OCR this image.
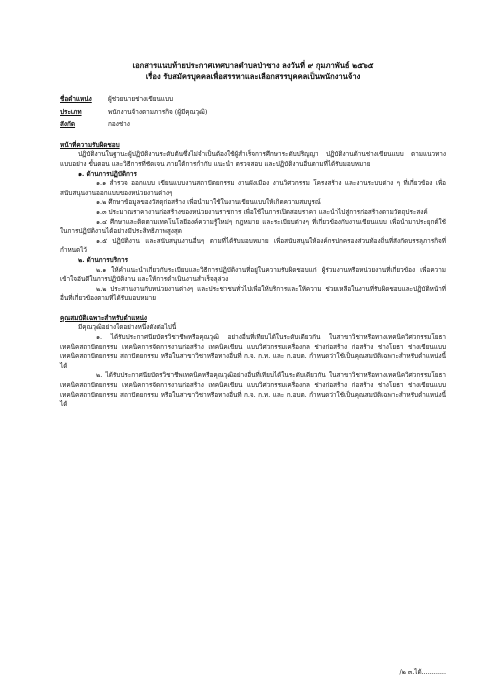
เอกสารแนบท้ายประกาศเทศบาลตำบลป่าซาง ลงวันที่ ๙ กุมภาพันธ์ ๒๕๖๕
เรื่อง รับสมัครบุคคลเพื่อสรรหาและเลือกสรรบุคคลเป็นพนักงานจ้าง
ชื่อตำแหน่ง	ผู้ช่วยนายช่างเขียนแบบ
ประเภท	พนักงานจ้างตามภารกิจ (ผู้มีคุณวุฒิ)
สังกัด	กองช่าง
หน้าที่ความรับผิดชอบ

ปฏิบัติงานในฐานะผู้ปฏิบัติงานระดับต้นซึ่งไม่จำเป็นต้องใช้ผู้สำเร็จการศึกษาระดับปริญญา ปฏิบัติงานด้านช่างเขียนแบบ ตามแนวทาง แบบอย่าง ขั้นตอน และวิธีการที่ชัดเจน ภายใต้การกำกับ แนะนำ ตรวจสอบ และปฏิบัติงานอื่นตามที่ได้รับมอบหมาย

๑. ด้านการปฏิบัติการ

๑.๑ สำรวจ ออกแบบ เขียนแบบงานสถาปัตยกรรม งานผังเมือง งานวิศวกรรม โครงสร้าง และงานระบบต่าง ๆ ที่เกี่ยวข้อง เพื่อสนับสนุนงานออกแบบของหน่วยงานต่างๆ

๑.๒ ศึกษาข้อมูลของวัสดุก่อสร้าง เพื่อนำมาใช้ในงานเขียนแบบให้เกิดความสมบูรณ์

๑.๓ ประมาณราคางานก่อสร้างของหน่วยงานราชการ เพื่อใช้ในการเปิดสอบราคา และนำไปสู่การก่อสร้างตามวัตถุประสงค์

๑.๔ ศึกษาและติดตามเทคโนโลยีองค์ความรู้ใหม่ๆ กฎหมาย และระเบียบต่างๆ ที่เกี่ยวข้องกับงานเขียนแบบ เพื่อนำมาประยุกต์ใช้ในการปฏิบัติงานได้อย่างมีประสิทธิภาพสูงสุด

๑.๕ ปฏิบัติงาน และสนับสนุนงานอื่นๆ ตามที่ได้รับมอบหมาย เพื่อสนับสนุนให้องค์กรปกครองส่วนท้องถิ่นที่สังกัดบรรลุภารกิจที่กำหนดไว้

๒. ด้านการบริการ

๒.๑ ให้คำแนะนำเกี่ยวกับระเบียบและวิธีการปฏิบัติงานที่อยู่ในความรับผิดชอบแก่ ผู้ร่วมงานหรือหน่วยงานที่เกี่ยวข้อง เพื่อความเข้าใจอันดีในการปฏิบัติงาน และให้การดำเนินงานสำเร็จลุล่วง

๒.๒ ประสานงานกับหน่วยงานต่างๆ และประชาชนทั่วไปเพื่อให้บริการและให้ความ ช่วยเหลือในงานที่รับผิดชอบและปฏิบัติหน้าที่อื่นที่เกี่ยวข้องตามที่ได้รับมอบหมาย

คุณสมบัติเฉพาะสำหรับตำแหน่ง

มีคุณวุฒิอย่างใดอย่างหนึ่งดังต่อไปนี้

๑. ได้รับประกาศนียบัตรวิชาชีพหรือคุณวุฒิ อย่างอื่นที่เทียบได้ในระดับเดียวกัน ในสาขาวิชาหรือทางเทคนิควิศวกรรมโยธา เทคนิคสถาปัตยกรรม เทคนิคการจัดการงานก่อสร้าง เทคนิคเขียน แบบวิศวกรรมเครื่องกล ช่างก่อสร้าง ก่อสร้าง ช่างโยธา ช่างเขียนแบบ เทคนิคสถาปัตยกรรม สถาปัตยกรรม หรือในสาขาวิชาหรือทางอื่นที่ ก.จ. ก.ท. และ ก.อบต. กำหนดว่าใช้เป็นคุณสมบัติเฉพาะสำหรับตำแหน่งนี้ได้

๒. ได้รับประกาศนียบัตรวิชาชีพเทคนิคหรือคุณวุฒิอย่างอื่นที่เทียบได้ในระดับเดียวกัน ในสาขาวิชาหรือทางเทคนิควิศวกรรมโยธา เทคนิคสถาปัตยกรรม เทคนิคการจัดการงานก่อสร้าง เทคนิคเขียน แบบวิศวกรรมเครื่องกล ช่างก่อสร้าง ก่อสร้าง ช่างโยธา ช่างเขียนแบบ เทคนิคสถาปัตยกรรม สถาปัตยกรรม หรือในสาขาวิชาหรือทางอื่นที่ ก.จ. ก.ท. และ ก.อบต. กำหนดว่าใช้เป็นคุณสมบัติเฉพาะสำหรับตำแหน่งนี้ได้

/๒ ๓.ได้............
